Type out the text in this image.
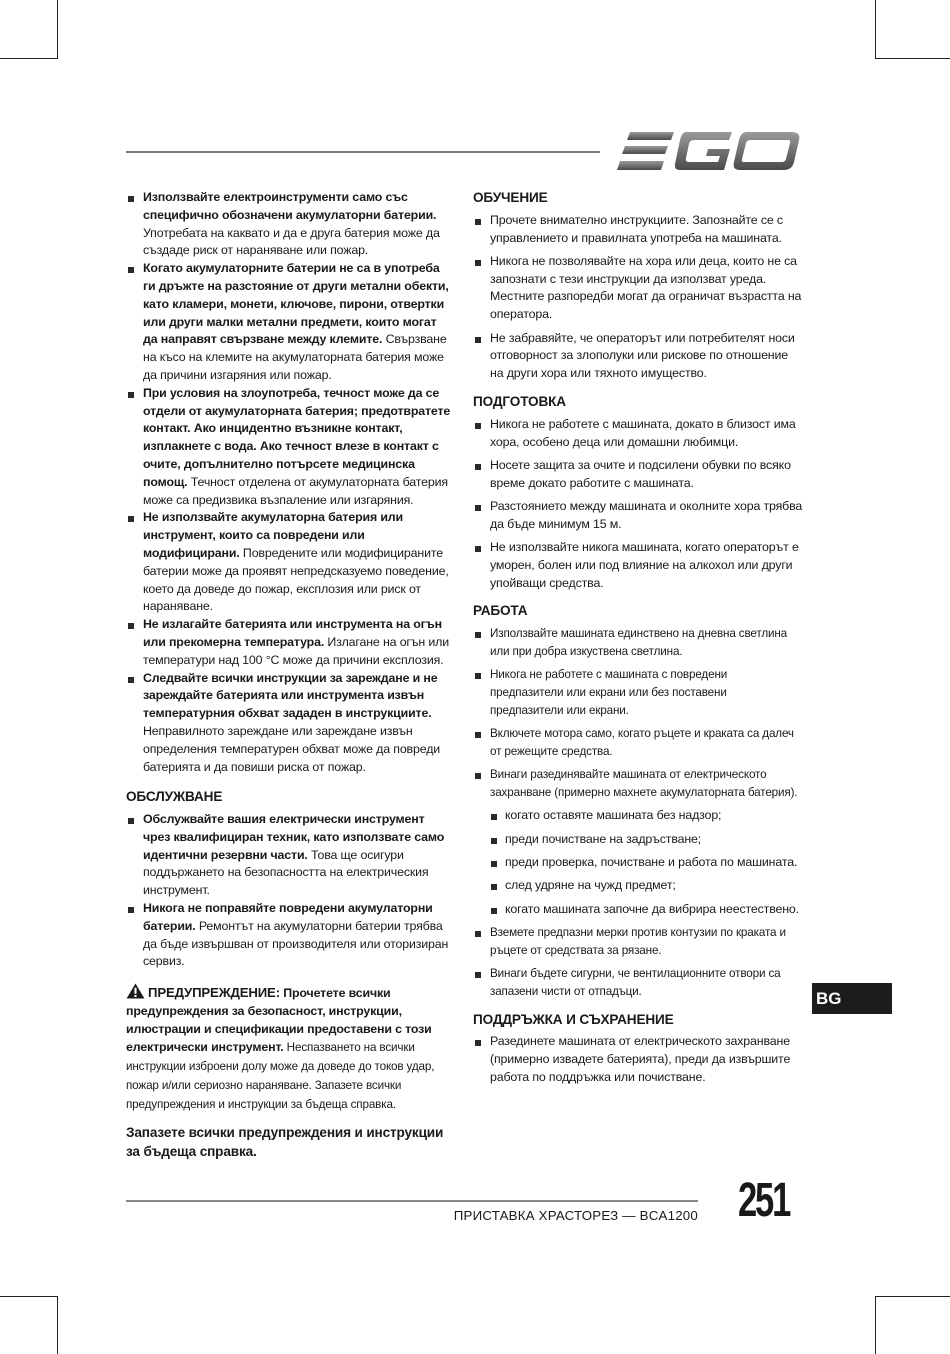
Използвайте електроинструменти само със специфично обозначени акумулаторни батерии. Употребата на каквато и да е друга батерия може да създаде риск от нараняване или пожар.
Когато акумулаторните батерии не са в употреба ги дръжте на разстояние от други метални обекти, като кламери, монети, ключове, пирони, отвертки или други малки метални предмети, които могат да направят свързване между клемите. Свързване на късо на клемите на акумулаторната батерия може да причини изгаряния или пожар.
При условия на злоупотреба, течност може да се отдели от акумулаторната батерия; предотвратете контакт. Ако инцидентно възникне контакт, изплакнете с вода. Ако течност влезе в контакт с очите, допълнително потърсете медицинска помощ. Течност отделена от акумулаторната батерия може са предизвика възпаление или изгаряния.
Не използвайте акумулаторна батерия или инструмент, които са повредени или модифицирани. Повредените или модифицираните батерии може да проявят непредсказуемо поведение, което да доведе до пожар, експлозия или риск от нараняване.
Не излагайте батерията или инструмента на огън или прекомерна температура. Излагане на огън или температури над 100 °C може да причини експлозия.
Следвайте всички инструкции за зареждане и не зареждайте батерията или инструмента извън температурния обхват зададен в инструкциите. Неправилното зареждане или зареждане извън определения температурен обхват може да повреди батерията и да повиши риска от пожар.
ОБСЛУЖВАНЕ
Обслужвайте вашия електрически инструмент чрез квалифициран техник, като използвате само идентични резервни части. Това ще осигури поддържането на безопасността на електрическия инструмент.
Никога не поправяйте повредени акумулаторни батерии. Ремонтът на акумулаторни батерии трябва да бъде извършван от производителя или оторизиран сервиз.
ПРЕДУПРЕЖДЕНИЕ: Прочетете всички предупреждения за безопасност, инструкции, илюстрации и спецификации предоставени с този електрически инструмент. Неспазването на всички инструкции изброени долу може да доведе до токов удар, пожар и/или сериозно нараняване. Запазете всички предупреждения и инструкции за бъдеща справка.
Запазете всички предупреждения и инструкции за бъдеща справка.
ОБУЧЕНИЕ
Прочете внимателно инструкциите. Запознайте се с управлението и правилната употреба на машината.
Никога не позволявайте на хора или деца, които не са запознати с тези инструкции да използват уреда. Местните разпоредби могат да ограничат възрастта на оператора.
Не забравяйте, че операторът или потребителят носи отговорност за злополуки или рискове по отношение на други хора или тяхното имущество.
ПОДГОТОВКА
Никога не работете с машината, докато в близост има хора, особено деца или домашни любимци.
Носете защита за очите и подсилени обувки по всяко време докато работите с машината.
Разстоянието между машината и околните хора трябва да бъде минимум 15 м.
Не използвайте никога машината, когато операторът е уморен, болен или под влияние на алкохол или други упойващи средства.
РАБОТА
Използвайте машината единствено на дневна светлина или при добра изкуствена светлина.
Никога не работете с машината с повредени предпазители или екрани или без поставени предпазители или екрани.
Включете мотора само, когато ръцете и краката са далеч от режещите средства.
Винаги разединявайте машината от електрическото захранване (примерно махнете акумулаторната батерия).
когато оставяте машината без надзор;
преди почистване на задръстване;
преди проверка, почистване и работа по машината.
след удряне на чужд предмет;
когато машината започне да вибрира неестествено.
Вземете предпазни мерки против контузии по краката и ръцете от средствата за рязане.
Винаги бъдете сигурни, че вентилационните отвори са запазени чисти от отпадъци.
ПОДДРЪЖКА И СЪХРАНЕНИЕ
Разединете машината от електрическото захранване (примерно извадете батерията), преди да извършите работа по поддръжка или почистване.
BG
ПРИСТАВКА ХРАСТОРЕЗ — BCA1200 251
